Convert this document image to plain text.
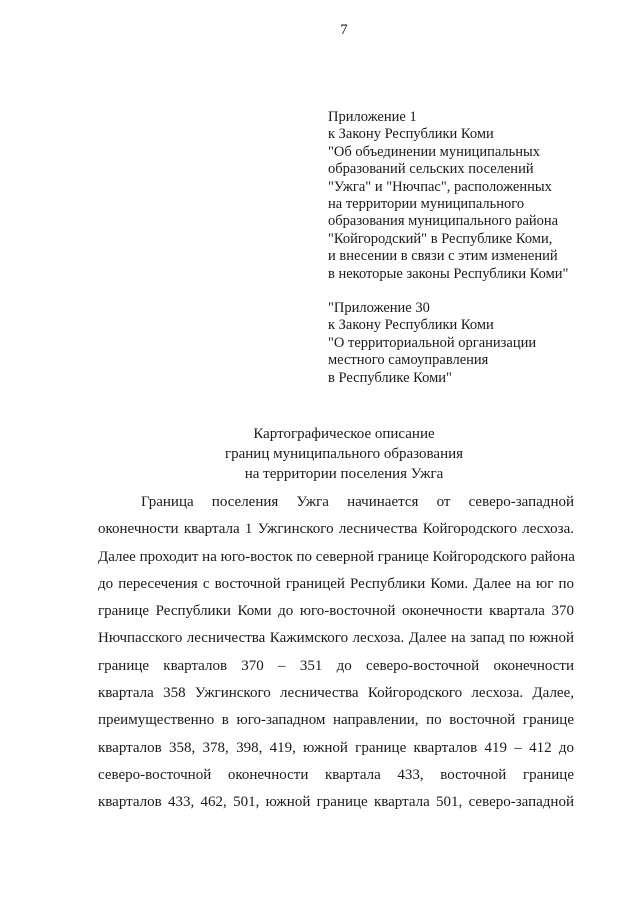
7
Приложение 1
к Закону Республики Коми
"Об объединении муниципальных
образований сельских поселений
"Ужга" и "Нючпас", расположенных
на территории муниципального
образования муниципального района
"Койгородский" в Республике Коми,
и внесении в связи с этим изменений
в некоторые законы Республики Коми"
"Приложение 30
к Закону Республики Коми
"О территориальной организации
местного самоуправления
в Республике Коми"
Картографическое описание
границ муниципального образования
на территории поселения Ужга
Граница поселения Ужга начинается от северо-западной
оконечности квартала 1 Ужгинского лесничества Койгородского лесхоза.
Далее проходит на юго-восток по северной границе Койгородского района
до пересечения с восточной границей Республики Коми. Далее на юг по
границе Республики Коми до юго-восточной оконечности квартала 370
Нючпасского лесничества Кажимского лесхоза. Далее на запад по южной
границе кварталов 370 – 351 до северо-восточной оконечности
квартала 358 Ужгинского лесничества Койгородского лесхоза. Далее,
преимущественно в юго-западном направлении, по восточной границе
кварталов 358, 378, 398, 419, южной границе кварталов 419 – 412 до
северо-восточной оконечности квартала 433, восточной границе
кварталов 433, 462, 501, южной границе квартала 501, северо-западной
